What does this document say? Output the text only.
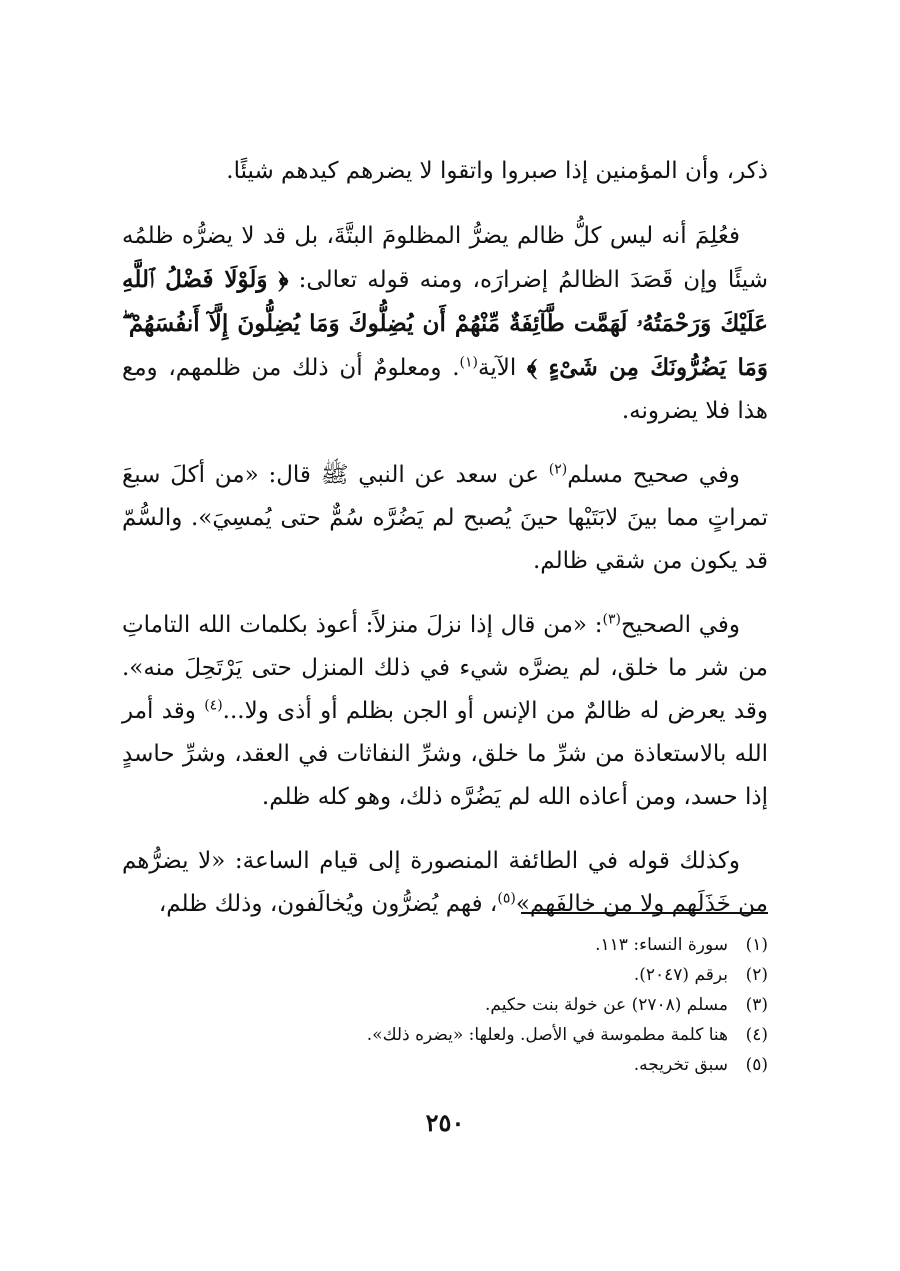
ذكر، وأن المؤمنين إذا صبروا واتقوا لا يضرهم كيدهم شيئًا.

فعُلِمَ أنه ليس كلُّ ظالم يضرُّ المظلومَ البتَّةَ، بل قد لا يضرُّه ظلمُه شيئًا وإن قَصَدَ الظالمُ إضرارَه، ومنه قوله تعالى: ﴿ وَلَوْلَا فَضْلُ ٱللَّهِ عَلَيْكَ وَرَحْمَتُهُۥ لَهَمَّت طَّآئِفَةٌ مِّنْهُمْ أَن يُضِلُّوكَ وَمَا يُضِلُّونَ إِلَّآ أَنفُسَهُمْ ۖ وَمَا يَضُرُّونَكَ مِن شَىْءٍ ﴾ الآية$^{(١)}$. ومعلومٌ أن ذلك من ظلمهم، ومع هذا فلا يضرونه.

وفي صحيح مسلم$^{(٢)}$ عن سعد عن النبي ﷺ قال: «من أكلَ سبعَ تمراتٍ مما بينَ لابَتَيْها حينَ يُصبح لم يَضُرَّه سُمٌّ حتى يُمسِيَ». والسُّمّ قد يكون من شقي ظالم.

وفي الصحيح$^{(٣)}$: «من قال إذا نزلَ منزلاً: أعوذ بكلمات الله التاماتِ من شر ما خلق، لم يضرَّه شيء في ذلك المنزل حتى يَرْتَحِلَ منه». وقد يعرض له ظالمٌ من الإنس أو الجن بظلم أو أذى ولا...$^{(٤)}$ وقد أمر الله بالاستعاذة من شرِّ ما خلق، وشرِّ النفاثات في العقد، وشرِّ حاسدٍ إذا حسد، ومن أعاذه الله لم يَضُرَّه ذلك، وهو كله ظلم.

وكذلك قوله في الطائفة المنصورة إلى قيام الساعة: «لا يضرُّهم من خَذَلَهم ولا من خالفَهم»$^{(٥)}$، فهم يُضرُّون ويُخالَفون، وذلك ظلم،

(١)
سورة النساء: ١١٣.
(٢)
برقم (٢٠٤٧).
(٣)
مسلم (٢٧٠٨) عن خولة بنت حكيم.
(٤)
هنا كلمة مطموسة في الأصل. ولعلها: «يضره ذلك».
(٥)
سبق تخريجه.
٢٥٠
